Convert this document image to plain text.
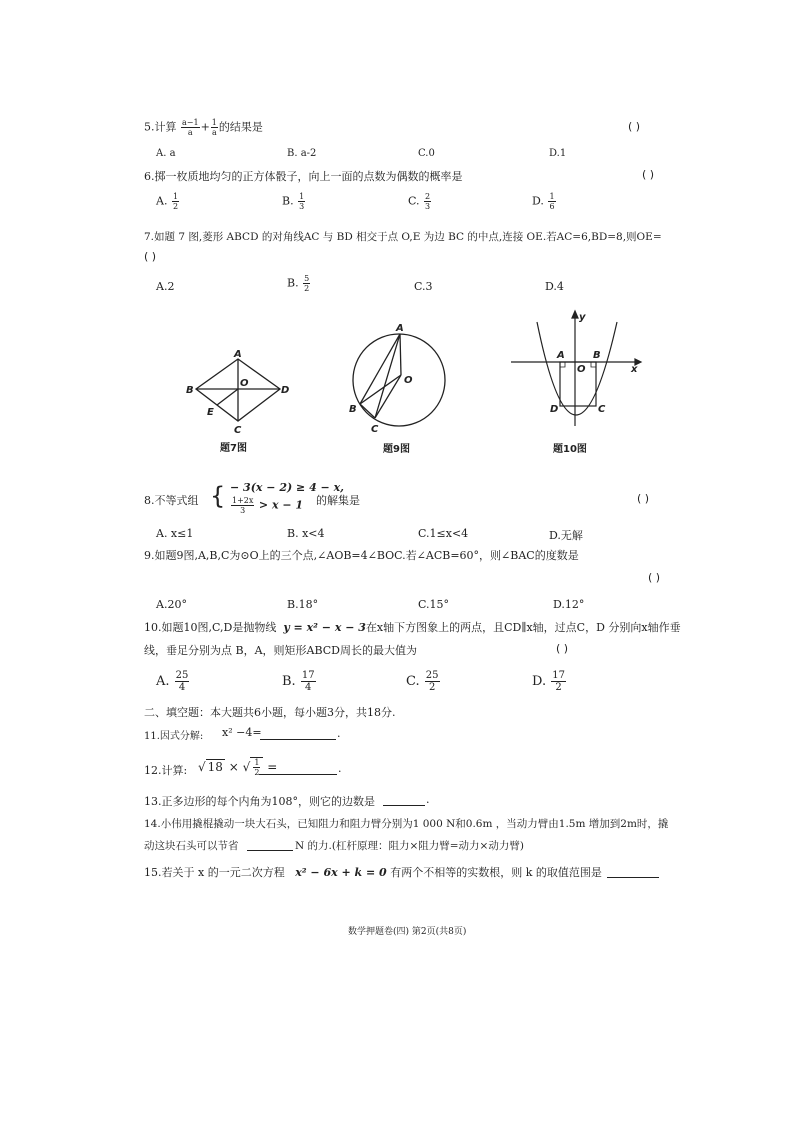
5.计算 $\frac{a-1}{a} + \frac{1}{a}$ 的结果是	( )
A. a	B. a-2	C.0	D.1
6.掷一枚质地均匀的正方体骰子，向上一面的点数为偶数的概率是	( )
A. $\frac{1}{2}$	B. $\frac{1}{3}$	C. $\frac{2}{3}$	D. $\frac{1}{6}$
7.如题 7 图,菱形 ABCD 的对角线AC 与 BD 相交于点 O,E 为边 BC 的中点,连接 OE.若AC=6,BD=8,则OE=
( )
A.2	B. $\frac{5}{2}$	C.3	D.4
A
B
C
D
O
E
题7图
A
B
C
O
题9图
A	B
C
D
O	x
y
题10图
8.不等式组 { − 3(x − 2) ≥ 4 − x,
$\frac{1+2x}{3} > x - 1$ 的解集是	( )
A. x≤1	B. x<4	C.1≤x<4	D.无解
9.如题9图,A,B,C为⊙O上的三个点,∠AOB=4∠BOC.若∠ACB=60°，则∠BAC的度数是
( )
A.20°	B.18°	C.15°	D.12°
10.如题10图,C,D是抛物线 y = x² − x − 3在x轴下方图象上的两点，且CD∥x轴，过点C，D 分别向x轴作垂
线，垂足分别为点 B，A，则矩形ABCD周长的最大值为	( )
A. $\frac{25}{4}$	B. $\frac{17}{4}$	C. $\frac{25}{2}$	D. $\frac{17}{2}$
二、填空题：本大题共6小题，每小题3分，共18分.
11.因式分解: x² −4=	.
12.计算: √ 18 × √ $\frac{1}{2}$ =	.
13.正多边形的每个内角为108°，则它的边数是	.
14.小伟用撬棍撬动一块大石头，已知阻力和阻力臂分别为1 000 N和0.6m ，当动力臂由1.5m 增加到2m时，撬
动这块石头可以节省	N 的力.(杠杆原理：阻力×阻力臂=动力×动力臂)
15.若关于 x 的一元二次方程 x² − 6x + k = 0 有两个不相等的实数根，则 k 的取值范围是
数学押题卷(四) 第2页(共8页)
